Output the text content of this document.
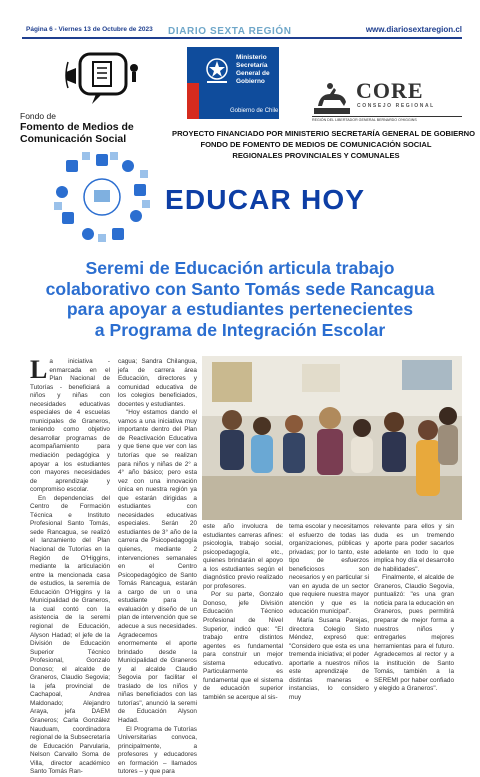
Página 6 - Viernes 13 de Octubre de 2023 DIARIO SEXTA REGIÓN	www.diariosextaregion.cl
Fondo de
Fomento de Medios de
Comunicación Social
Ministerio
Secretaría
General de
Gobierno
Gobierno de Chile
CORE
CONSEJO REGIONAL
REGIÓN DEL LIBERTADOR GENERAL BERNARDO O'HIGGINS
PROYECTO FINANCIADO POR MINISTERIO SECRETARÍA GENERAL DE GOBIERNO
FONDO DE FOMENTO DE MEDIOS DE COMUNICACIÓN SOCIAL
REGIONALES PROVINCIALES Y COMUNALES
EDUCAR HOY
Seremi de Educación articula trabajo
colaborativo con Santo Tomás sede Rancagua
para apoyar a estudiantes pertenecientes
a Programa de Integración Escolar
L a iniciativa - enmarcada en el Plan Nacional de Tutorías - beneficiará a niños y niñas con necesidades educativas especiales de 4 escuelas municipales de Graneros, teniendo como objetivo desarrollar programas de acompañamiento para mediación pedagógica y apoyar a los estudiantes con mayores necesidades de aprendizaje y compromiso escolar.

En dependencias del Centro de Formación Técnica e Instituto Profesional Santo Tomás, sede Rancagua, se realizó el lanzamiento del Plan Nacional de Tutorías en la Región de O'Higgins, mediante la articulación entre la mencionada casa de estudios, la seremía de Educación O'Higgins y la Municipalidad de Graneros, la cual contó con la asistencia de la seremi regional de Educación, Alyson Hadad; el jefe de la División de Educación Superior Técnico Profesional, Gonzalo Donoso; el alcalde de Graneros, Claudio Segovia; la jefa provincial de Cachapoal, Andrea Maldonado; Alejandro Araya, jefa DAEM Graneros; Carla González Nauduam, coordinadora regional de la Subsecretaría de Educación Parvularia, Nelson Carvallo Soma de Villa, director académico Santo Tomás Ran-

cagua; Sandra Chilangua, jefa de carrera área Educación, directores y comunidad educativa de los colegios beneficiados, docentes y estudiantes.

"Hoy estamos dando el vamos a una iniciativa muy importante dentro del Plan de Reactivación Educativa y que tiene que ver con las tutorías que se realizan para niños y niñas de 2° a 4° año básico; pero esta vez con una innovación única en nuestra región ya que estarán dirigidas a estudiantes con necesidades educativas especiales. Serán 20 estudiantes de 3° año de la carrera de Psicopedagogía quienes, mediante 2 intervenciones semanales en el Centro Psicopedagógico de Santo Tomás Rancagua, estarán a cargo de un o una estudiante para la evaluación y diseño de un plan de intervención que se adecue a sus necesidades. Agradecemos enormemente el aporte brindado desde la Municipalidad de Graneros y al alcalde Claudio Segovia por facilitar el traslado de los niños y niñas beneficiados con las tutorías", anunció la seremi de Educación Alyson Hadad.

El Programa de Tutorías Universitarias convoca, principalmente, a profesores y educadores en formación – llamados tutores – y que para

este año involucra de estudiantes carreras afines: psicología, trabajo social, psicopedagogía, etc., quienes brindarán el apoyo a los estudiantes según el diagnóstico previo realizado por profesores.

Por su parte, Gonzalo Donoso, jefe División Educación Técnico Profesional de Nivel Superior, indicó que: "El trabajo entre distintos agentes es fundamental para construir un mejor sistema educativo. Particularmente es fundamental que el sistema de educación superior también se acerque al sis-

tema escolar y necesitamos el esfuerzo de todas las organizaciones, públicas y privadas; por lo tanto, este tipo de esfuerzos beneficiosos son necesarios y en particular si van en ayuda de un sector que requiere nuestra mayor atención y que es la educación municipal".

María Susana Parejas, directora Colegio Sixto Méndez, expresó que: "Considero que esta es una tremenda iniciativa; el poder aportarle a nuestros niños este aprendizaje de distintas maneras e instancias, lo considero muy

relevante para ellos y sin duda es un tremendo aporte para poder sacarlos adelante en todo lo que implica hoy día el desarrollo de habilidades".

Finalmente, el alcalde de Graneros, Claudio Segovia, puntualizó: "es una gran noticia para la educación en Graneros, pues permitirá preparar de mejor forma a nuestros niños y entregarles mejores herramientas para el futuro. Agradecemos al rector y a la institución de Santo Tomás, también a la SEREMI por haber confiado y elegido a Graneros".
